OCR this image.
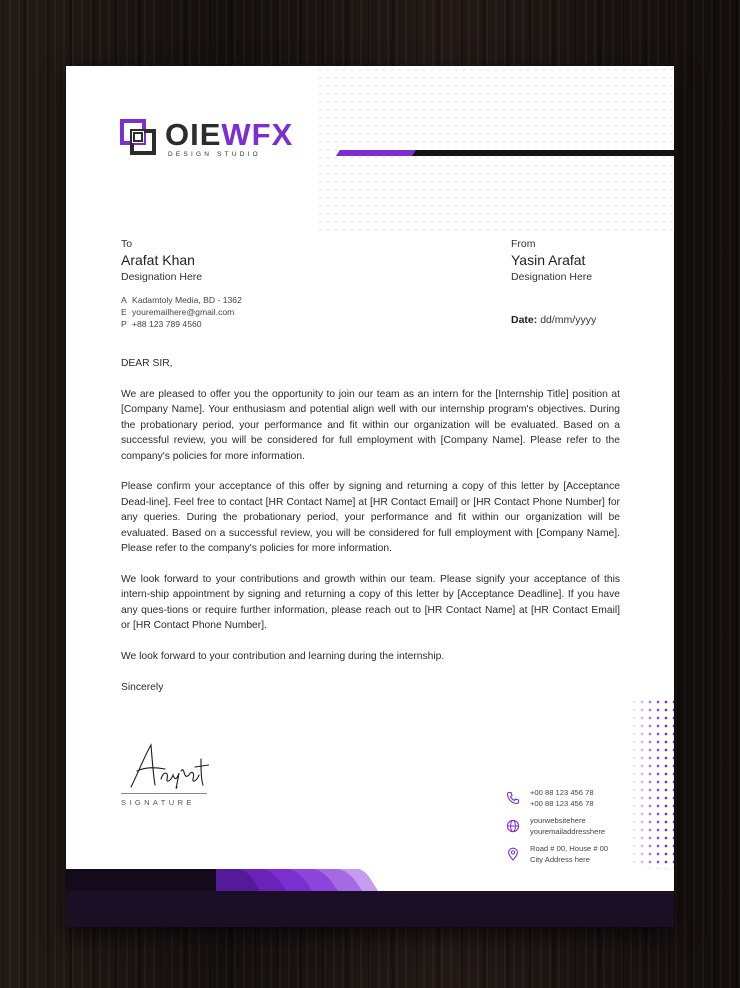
OIEWFX
DESIGN STUDIO
To
Arafat Khan
Designation Here
A Kadamtoly Media, BD - 1362
E youremailhere@gmail.com
P +88 123 789 4560
From
Yasin Arafat
Designation Here
Date: dd/mm/yyyy

DEAR SIR,

We are pleased to offer you the opportunity to join our team as an intern for the [Internship Title] position at [Company Name]. Your enthusiasm and potential align well with our internship program's objectives. During the probationary period, your performance and fit within our organization will be evaluated. Based on a successful review, you will be considered for full employment with [Company Name]. Please refer to the company's policies for more information.

Please confirm your acceptance of this offer by signing and returning a copy of this letter by [Acceptance Dead-line]. Feel free to contact [HR Contact Name] at [HR Contact Email] or [HR Contact Phone Number] for any queries. During the probationary period, your performance and fit within our organization will be evaluated. Based on a successful review, you will be considered for full employment with [Company Name]. Please refer to the company's policies for more information.

We look forward to your contributions and growth within our team. Please signify your acceptance of this intern-ship appointment by signing and returning a copy of this letter by [Acceptance Deadline]. If you have any ques-tions or require further information, please reach out to [HR Contact Name] at [HR Contact Email] or [HR Contact Phone Number].

We look forward to your contribution and learning during the internship.

Sincerely

SIGNATURE
+00 88 123 456 78
+00 88 123 456 78
yourwebsitehere
youremailaddresshere
Road # 00, House # 00
City Address here
